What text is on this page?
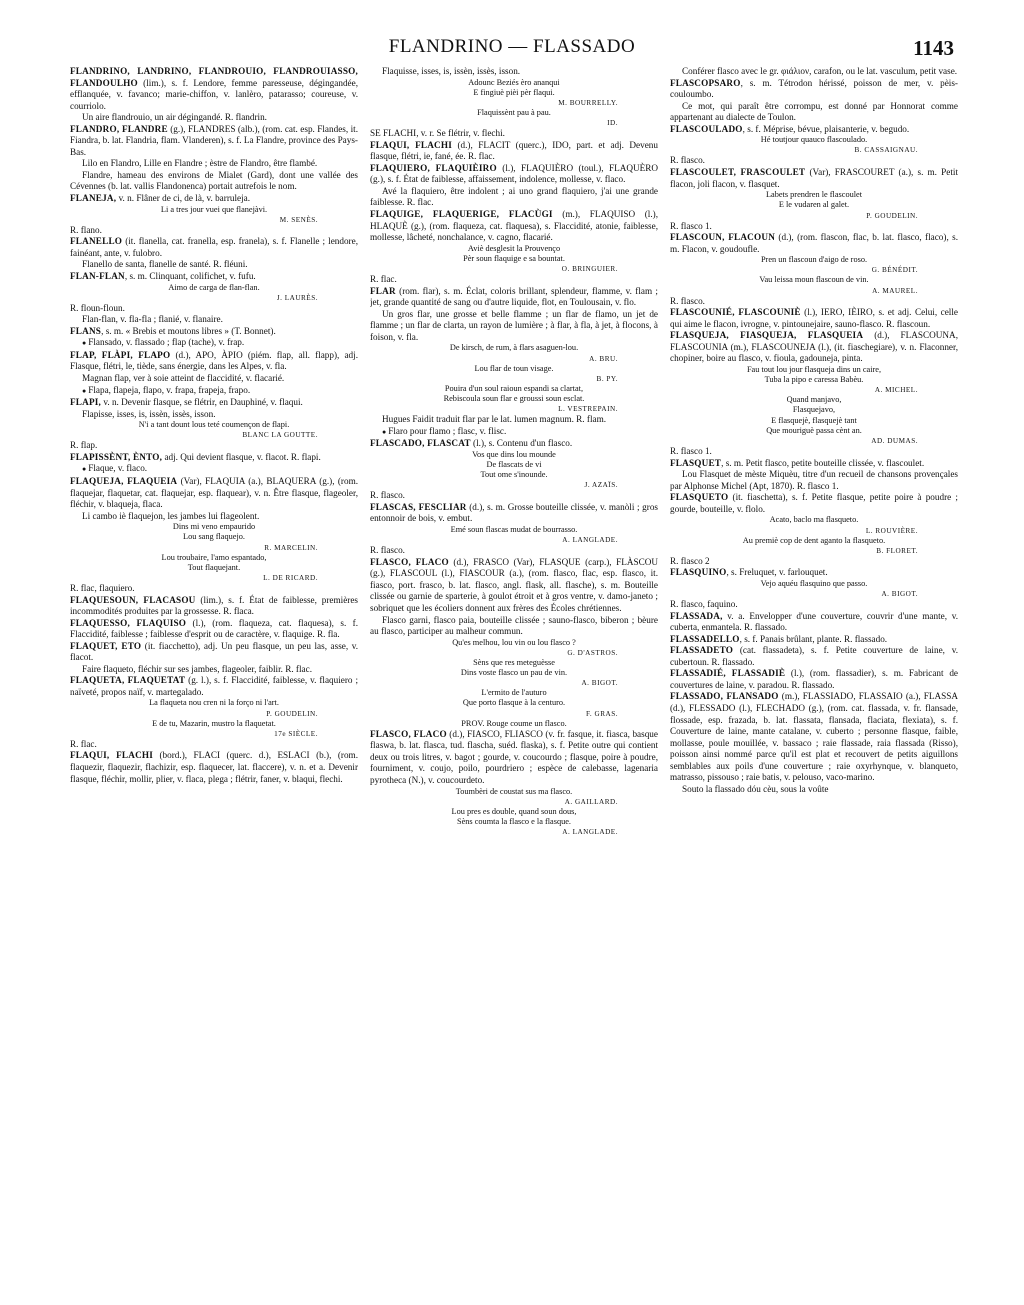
FLANDRINO — FLASSADO	1143

FLANDRINO, LANDRINO, FLANDROUIO, FLANDROUIASSO, FLANDOULHO (lim.), s. f. Lendore, femme paresseuse, dégingandée, efflanquée, v. favanco; marie-chiffon, v. lanlèro, patarasso; coureuse, v. courriolo.

Un aire flandrouio, un air dégingandé. R. flandrin.

FLANDRO, FLANDRE (g.), FLANDRES (alb.), (rom. cat. esp. Flandes, it. Fiandra, b. lat. Flandria, flam. Vlanderen), s. f. La Flandre, province des Pays-Bas.

Lilo en Flandro, Lille en Flandre ; èstre de Flandro, être flambé.

Flandre, hameau des environs de Mialet (Gard), dont une vallée des Cévennes (b. lat. vallis Flandonenca) portait autrefois le nom.

FLANEJA, v. n. Flâner de ci, de là, v. barruleja.

Li a tres jour vuei que flanejàvi.

M. SENÈS.

R. flano.

FLANELLO (it. flanella, cat. franella, esp. franela), s. f. Flanelle ; lendore, fainéant, ante, v. fulobro.

Flanello de santa, flanelle de santé. R. fléuni.

FLAN-FLAN, s. m. Clinquant, colifichet, v. fufu.

Aimo de carga de flan-flan.

J. LAURÈS.

R. floun-floun.

Flan-flan, v. fla-fla ; flanié, v. flanaire.

FLANS, s. m. « Brebis et moutons libres » (T. Bonnet).

● Flansado, v. flassado ; flap (tache), v. frap.

FLAP, FLÀPI, FLAPO (d.), APO, ÀPIO (piém. flap, all. flapp), adj. Flasque, flétri, le, tiède, sans énergie, dans les Alpes, v. fla.

Magnan flap, ver à soie atteint de flaccidité, v. flacarié.

● Flapa, flapeja, flapo, v. frapa, frapeja, frapo.

FLAPI, v. n. Devenir flasque, se flétrir, en Dauphiné, v. flaqui.

Flapisse, isses, is, issèn, issès, isson.

N'i a tant dount lous teté coumençon de flapi.

BLANC LA GOUTTE.

R. flap.

FLAPISSÈNT, ÈNTO, adj. Qui devient flasque, v. flacot. R. flapi.

● Flaque, v. flaco.

FLAQUEJA, FLAQUEIA (Var), FLAQUIA (a.), BLAQUERA (g.), (rom. flaquejar, flaquetar, cat. flaquejar, esp. flaquear), v. n. Être flasque, flageoler, fléchir, v. blaqueja, flaca.

Li cambo iè flaquejon, les jambes lui flageolent.

Dins mi veno empaurido
Lou sang flaquejo.

R. MARCELIN.

Lou troubaire, l'amo espantado,
Tout flaquejant.

L. DE RICARD.

R. flac, flaquiero.

FLAQUESOUN, FLACASOU (lim.), s. f. État de faiblesse, premières incommodités produites par la grossesse. R. flaca.

FLAQUESSO, FLAQUISO (l.), (rom. flaqueza, cat. flaquesa), s. f. Flaccidité, faiblesse ; faiblesse d'esprit ou de caractère, v. flaquige. R. fla.

FLAQUET, ETO (it. fiacchetto), adj. Un peu flasque, un peu las, asse, v. flacot.

Faire flaqueto, fléchir sur ses jambes, flageoler, faiblir. R. flac.

FLAQUETA, FLAQUETAT (g. l.), s. f. Flaccidité, faiblesse, v. flaquiero ; naïveté, propos naïf, v. martegalado.

La flaqueta nou cren ni la forço ni l'art.

P. GOUDELIN.

E de tu, Mazarin, mustro la flaquetat.

17e SIÈCLE.

R. flac.

FLAQUI, FLACHI (bord.), FLACI (querc. d.), ESLACI (b.), (rom. flaquezir, flaquezir, flachizir, esp. flaquecer, lat. flaccere), v. n. et a. Devenir flasque, fléchir, mollir, plier, v. flaca, plega ; flétrir, faner, v. blaqui, flechi.

Flaquisse, isses, is, issèn, issès, isson.

Adounc Beziés èro ananqui
E fingiuè pièi pèr flaqui.

M. BOURRELLY.

Flaquissènt pau à pau.

ID.

SE FLACHI, v. r. Se flétrir, v. flechi.

FLAQUI, FLACHI (d.), FLACIT (querc.), IDO, part. et adj. Devenu flasque, flétri, ie, fané, ée. R. flac.

FLAQUIERO, FLAQUIÈIRO (l.), FLAQUIÈRO (toul.), FLAQUÈRO (g.), s. f. État de faiblesse, affaissement, indolence, mollesse, v. flaco.

Avé la flaquiero, être indolent ; ai uno grand flaquiero, j'ai une grande faiblesse. R. flac.

FLAQUIGE, FLAQUERIGE, FLACÙGI (m.), FLAQUISO (l.), HLAQUÈ (g.), (rom. flaqueza, cat. flaquesa), s. Flaccidité, atonie, faiblesse, mollesse, lâcheté, nonchalance, v. cagno, flacarié.

Aviè desglesit la Prouvenço
Pèr soun flaquige e sa bountat.

O. BRINGUIER.

R. flac.

FLAR (rom. flar), s. m. Éclat, coloris brillant, splendeur, flamme, v. flam ; jet, grande quantité de sang ou d'autre liquide, flot, en Toulousain, v. flo.

Un gros flar, une grosse et belle flamme ; un flar de flamo, un jet de flamme ; un flar de clarta, un rayon de lumière ; à flar, à fla, à jet, à flocons, à foison, v. fla.

De kirsch, de rum, à flars asaguen-lou.

A. BRU.

Lou flar de toun visage.

B. PY.

Pouira d'un soul raioun espandi sa clartat,
Rebiscoula soun flar e groussi soun esclat.

L. VESTREPAIN.

Hugues Faidit traduit flar par le lat. lumen magnum. R. flam.

● Flaro pour flamo ; flasc, v. flisc.

FLASCADO, FLASCAT (l.), s. Contenu d'un flasco.

Vos que dins lou mounde
De flascats de vi
Tout ome s'inounde.

J. AZAÏS.

R. flasco.

FLASCAS, FESCLIAR (d.), s. m. Grosse bouteille clissée, v. manòli ; gros entonnoir de bois, v. embut.

Emé soun flascas mudat de bourrasso.

A. LANGLADE.

R. flasco.

FLASCO, FLACO (d.), FRASCO (Var), FLASQUE (carp.), FLÀSCOU (g.), FLASCOUL (l.), FIASCOUR (a.), (rom. flasco, flac, esp. flasco, it. fiasco, port. frasco, b. lat. flasco, angl. flask, all. flasche), s. m. Bouteille clissée ou garnie de sparterie, à goulot étroit et à gros ventre, v. damo-janeto ; sobriquet que les écoliers donnent aux frères des Écoles chrétiennes.

Flasco garni, flasco paia, bouteille clissée ; sauno-flasco, biberon ; bèure au flasco, participer au malheur commun.

Qu'es melhou, lou vin ou lou flasco ?

G. D'ASTROS.

Sèns que res meteguèsse
Dins voste flasco un pau de vin.

A. BIGOT.

L'ermito de l'auturo
Que porto flasque à la centuro.

F. GRAS.

PROV. Rouge coume un flasco.

FLASCO, FLACO (d.), FIASCO, FLIASCO (v. fr. fasque, it. fiasca, basque flaswa, b. lat. flasca, tud. flascha, suéd. flaska), s. f. Petite outre qui contient deux ou trois litres, v. bagot ; gourde, v. coucourdo ; flasque, poire à poudre, fourniment, v. coujo, poilo, pourdriero ; espèce de calebasse, lagenaria pyrotheca (N.), v. coucourdeto.

Toumbèri de coustat sus ma flasco.

A. GAILLARD.

Lou pres es double, quand soun dous,
Sèns coumta la flasco e la flasque.

A. LANGLADE.

Conférer flasco avec le gr. φιάλιον, carafon, ou le lat. vasculum, petit vase.

FLASCOPSARO, s. m. Tétrodon hérissé, poisson de mer, v. pèis-couloumbo.

Ce mot, qui paraît être corrompu, est donné par Honnorat comme appartenant au dialecte de Toulon.

FLASCOULADO, s. f. Méprise, bévue, plaisanterie, v. begudo.

Hé toutjour quauco flascoulado.

B. CASSAIGNAU.

R. flasco.

FLASCOULET, FRASCOULET (Var), FRASCOURET (a.), s. m. Petit flacon, joli flacon, v. flasquet.

Labets prendren le flascoulet
E le vudaren al galet.

P. GOUDELIN.

R. flasco 1.

FLASCOUN, FLACOUN (d.), (rom. flascon, flac, b. lat. flasco, flaco), s. m. Flacon, v. goudoufle.

Pren un flascoun d'aigo de roso.

G. BÉNÉDIT.

Vau leissa moun flascoun de vin.

A. MAUREL.

R. flasco.

FLASCOUNIÉ, FLASCOUNIÈ (l.), IERO, IÈIRO, s. et adj. Celui, celle qui aime le flacon, ivrogne, v. pintounejaire, sauno-flasco. R. flascoun.

FLASQUEJA, FIASQUEJA, FLASQUEIA (d.), FLASCOUNA, FLASCOUNIA (m.), FLASCOUNEJA (l.), (it. fiaschegiare), v. n. Flaconner, chopiner, boire au flasco, v. fioula, gadouneja, pinta.

Fau tout lou jour flasqueja dins un caire,
Tuba la pipo e caressa Babèu.

A. MICHEL.

Quand manjavo,
Flasquejavo,
E flasquejè, flasquejè tant
Que mouriguè passa cènt an.

AD. DUMAS.

R. flasco 1.

FLASQUET, s. m. Petit flasco, petite bouteille clissée, v. flascoulet.

Lou Flasquet de mèste Miquèu, titre d'un recueil de chansons provençales par Alphonse Michel (Apt, 1870). R. flasco 1.

FLASQUETO (it. fiaschetta), s. f. Petite flasque, petite poire à poudre ; gourde, bouteille, v. flolo.

Acato, baclo ma flasqueto.

L. ROUVIÈRE.

Au premiè cop de dent aganto la flasqueto.

B. FLORET.

R. flasco 2

FLASQUINO, s. Freluquet, v. farlouquet.

Vejo aquéu flasquino que passo.

A. BIGOT.

R. flasco, faquino.

FLASSADA, v. a. Envelopper d'une couverture, couvrir d'une mante, v. cuberta, enmantela. R. flassado.

FLASSADELLO, s. f. Panais brûlant, plante. R. flassado.

FLASSADETO (cat. flassadeta), s. f. Petite couverture de laine, v. cubertoun. R. flassado.

FLASSADIÉ, FLASSADIÈ (l.), (rom. flassadier), s. m. Fabricant de couvertures de laine, v. paradou. R. flassado.

FLASSADO, FLANSADO (m.), FLASSIADO, FLASSAIO (a.), FLASSA (d.), FLESSADO (l.), FLECHADO (g.), (rom. cat. flassada, v. fr. flansade, flossade, esp. frazada, b. lat. flassata, flansada, flaciata, flexiata), s. f. Couverture de laine, mante catalane, v. cuberto ; personne flasque, faible, mollasse, poule mouillée, v. bassaco ; raie flassade, raia flassada (Risso), poisson ainsi nommé parce qu'il est plat et recouvert de petits aiguillons semblables aux poils d'une couverture ; raie oxyrhynque, v. blanqueto, matrasso, pissouso ; raie batis, v. pelouso, vaco-marino.

Souto la flassado dóu cèu, sous la voûte
